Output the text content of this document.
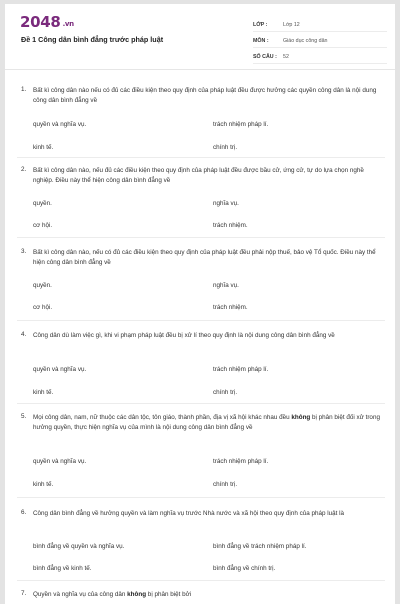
2048 .vn
Đề 1 Công dân bình đẳng trước pháp luật
LỚP :	Lớp 12
MÔN :	Giáo dục công dân
SỐ CÂU :	52
1. Bất kì công dân nào nếu có đủ các điều kiện theo quy định của pháp luật đều được hưởng các quyền công dân là nội dung công dân bình đẳng về
quyền và nghĩa vụ.	trách nhiệm pháp lí.
kinh tế.	chính trị.
2. Bất kì công dân nào, nếu đủ các điều kiện theo quy định của pháp luật đều được bầu cử, ứng cử, tự do lựa chọn nghề nghiệp. Điều này thể hiện công dân bình đẳng về
quyền.	nghĩa vụ.
cơ hội.	trách nhiệm.
3. Bất kì công dân nào, nếu có đủ các điều kiện theo quy định của pháp luật đều phải nộp thuế, bảo vệ Tổ quốc. Điều này thể hiện công dân bình đẳng về
quyền.	nghĩa vụ.
cơ hội.	trách nhiệm.
4. Công dân dù làm việc gì, khi vi phạm pháp luật đều bị xử lí theo quy định là nội dung công dân bình đẳng về
quyền và nghĩa vụ.	trách nhiệm pháp lí.
kinh tế.	chính trị.
5. Mọi công dân, nam, nữ thuộc các dân tộc, tôn giáo, thành phần, địa vị xã hội khác nhau đều không bị phân biệt đối xử trong hưởng quyền, thực hiện nghĩa vụ của mình là nội dung công dân bình đẳng về
quyền và nghĩa vụ.	trách nhiệm pháp lí.
kinh tế.	chính trị.
6. Công dân bình đẳng về hưởng quyền và làm nghĩa vụ trước Nhà nước và xã hội theo quy định của pháp luật là
bình đẳng về quyền và nghĩa vụ.	bình đẳng về trách nhiệm pháp lí.
bình đẳng về kinh tế.	bình đẳng về chính trị.
7. Quyền và nghĩa vụ của công dân không bị phân biệt bởi
